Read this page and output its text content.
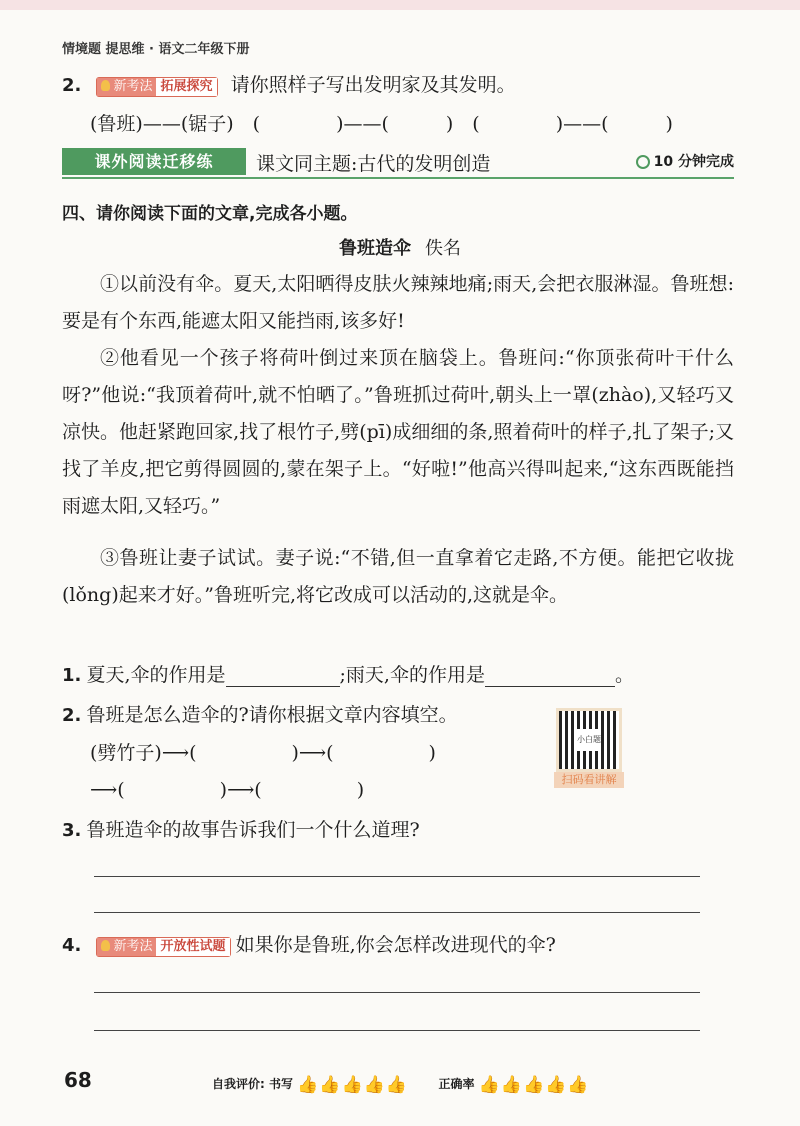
情境题 提思维 · 语文二年级下册
2. 新考法 拓展探究 请你照样子写出发明家及其发明。
(鲁班)——(锯子)　(　　　　)——(　　　)　(　　　　)——(　　　)
课外阅读迁移练	课文同主题:古代的发明创造	10 分钟完成
四、请你阅读下面的文章,完成各小题。
鲁班造伞 佚名
①以前没有伞。夏天,太阳晒得皮肤火辣辣地痛;雨天,会把衣服淋湿。鲁班想:要是有个东西,能遮太阳又能挡雨,该多好!
②他看见一个孩子将荷叶倒过来顶在脑袋上。鲁班问:“你顶张荷叶干什么呀?”他说:“我顶着荷叶,就不怕晒了。”鲁班抓过荷叶,朝头上一罩(zhào),又轻巧又凉快。他赶紧跑回家,找了根竹子,劈(pī)成细细的条,照着荷叶的样子,扎了架子;又找了羊皮,把它剪得圆圆的,蒙在架子上。“好啦!”他高兴得叫起来,“这东西既能挡雨遮太阳,又轻巧。”
③鲁班让妻子试试。妻子说:“不错,但一直拿着它走路,不方便。能把它收拢(lǒng)起来才好。”鲁班听完,将它改成可以活动的,这就是伞。
1. 夏天,伞的作用是	;雨天,伞的作用是	。
2. 鲁班是怎么造伞的?请你根据文章内容填空。
(劈竹子)⟶(　　　　　)⟶(　　　　　)
⟶(　　　　　)⟶(　　　　　)
小白题
扫码看讲解
3. 鲁班造伞的故事告诉我们一个什么道理?
4. 新考法 开放性试题 如果你是鲁班,你会怎样改进现代的伞?
68	自我评价: 书写 👍👍👍👍👍	正确率 👍👍👍👍👍
